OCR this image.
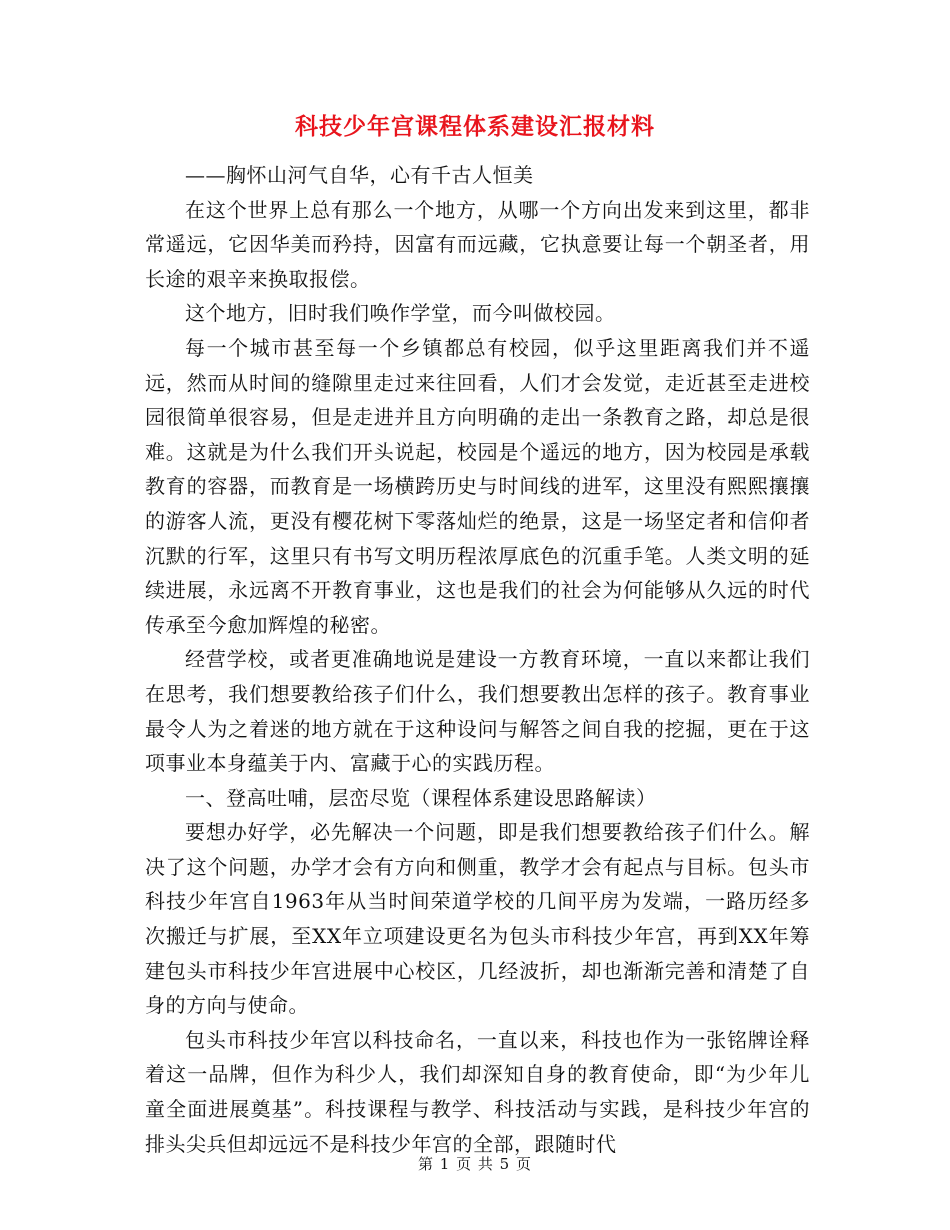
科技少年宫课程体系建设汇报材料

——胸怀山河气自华，心有千古人恒美

在这个世界上总有那么一个地方，从哪一个方向出发来到这里，都非常遥远，它因华美而矜持，因富有而远藏，它执意要让每一个朝圣者，用长途的艰辛来换取报偿。

这个地方，旧时我们唤作学堂，而今叫做校园。

每一个城市甚至每一个乡镇都总有校园，似乎这里距离我们并不遥远，然而从时间的缝隙里走过来往回看，人们才会发觉，走近甚至走进校园很简单很容易，但是走进并且方向明确的走出一条教育之路，却总是很难。这就是为什么我们开头说起，校园是个遥远的地方，因为校园是承载教育的容器，而教育是一场横跨历史与时间线的进军，这里没有熙熙攘攘的游客人流，更没有樱花树下零落灿烂的绝景，这是一场坚定者和信仰者沉默的行军，这里只有书写文明历程浓厚底色的沉重手笔。人类文明的延续进展，永远离不开教育事业，这也是我们的社会为何能够从久远的时代传承至今愈加辉煌的秘密。

经营学校，或者更准确地说是建设一方教育环境，一直以来都让我们在思考，我们想要教给孩子们什么，我们想要教出怎样的孩子。教育事业最令人为之着迷的地方就在于这种设问与解答之间自我的挖掘，更在于这项事业本身蕴美于内、富藏于心的实践历程。

一、登高吐哺，层峦尽览（课程体系建设思路解读）

要想办好学，必先解决一个问题，即是我们想要教给孩子们什么。解决了这个问题，办学才会有方向和侧重，教学才会有起点与目标。包头市科技少年宫自1963年从当时间荣道学校的几间平房为发端，一路历经多次搬迁与扩展，至XX年立项建设更名为包头市科技少年宫，再到XX年筹建包头市科技少年宫进展中心校区，几经波折，却也渐渐完善和清楚了自身的方向与使命。

包头市科技少年宫以科技命名，一直以来，科技也作为一张铭牌诠释着这一品牌，但作为科少人，我们却深知自身的教育使命，即“为少年儿童全面进展奠基”。科技课程与教学、科技活动与实践，是科技少年宫的排头尖兵但却远远不是科技少年宫的全部，跟随时代

第 1 页 共 5 页
